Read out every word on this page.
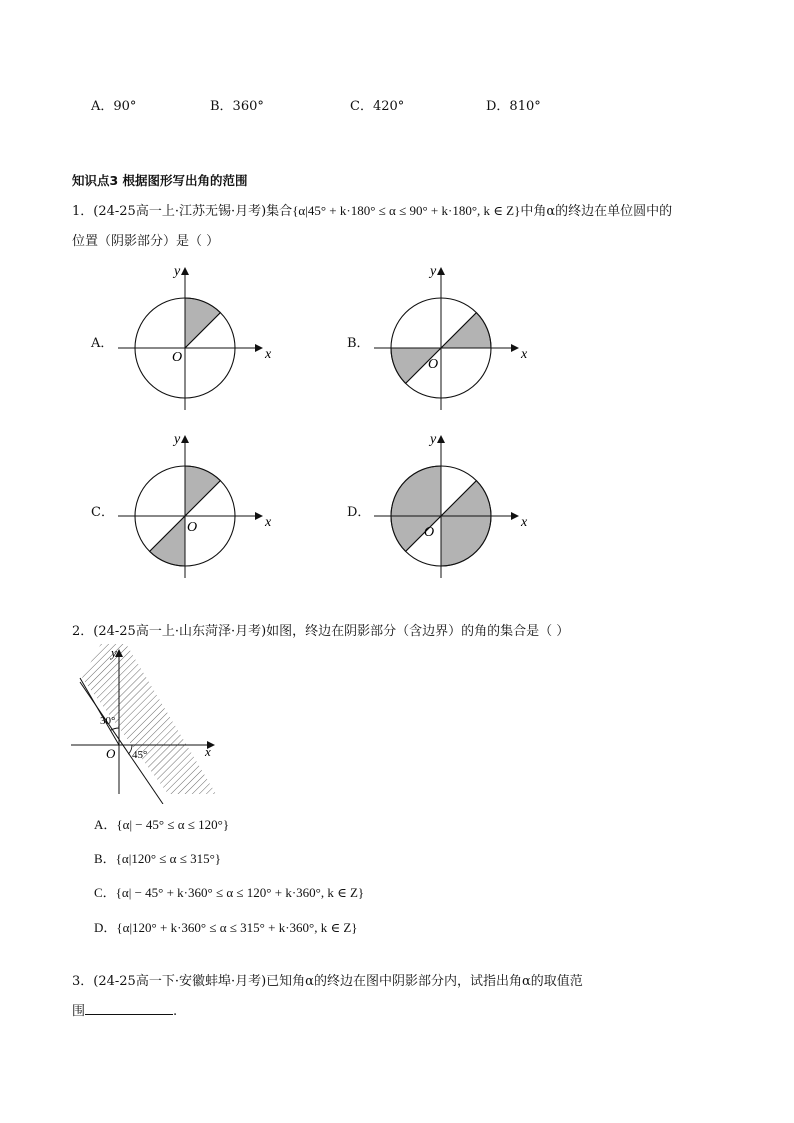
A．90°	B．360°	C．420°	D．810°
知识点3 根据图形写出角的范围
1．(24-25高一上·江苏无锡·月考)集合{α|45° + k·180° ≤ α ≤ 90° + k·180°, k ∈ Z}中角α的终边在单位圆中的
位置（阴影部分）是（ ）
A．	B．
C．	D．
x
y
O	x
y
O
x
y
O	x
y
O
2．(24-25高一上·山东菏泽·月考)如图，终边在阴影部分（含边界）的角的集合是（ ）
30°
45°	x
y
O
A．{α| − 45° ≤ α ≤ 120°}
B．{α|120° ≤ α ≤ 315°}
C．{α| − 45° + k·360° ≤ α ≤ 120° + k·360°, k ∈ Z}
D．{α|120° + k·360° ≤ α ≤ 315° + k·360°, k ∈ Z}
3．(24-25高一下·安徽蚌埠·月考)已知角α的终边在图中阴影部分内，试指出角α的取值范
围	.
